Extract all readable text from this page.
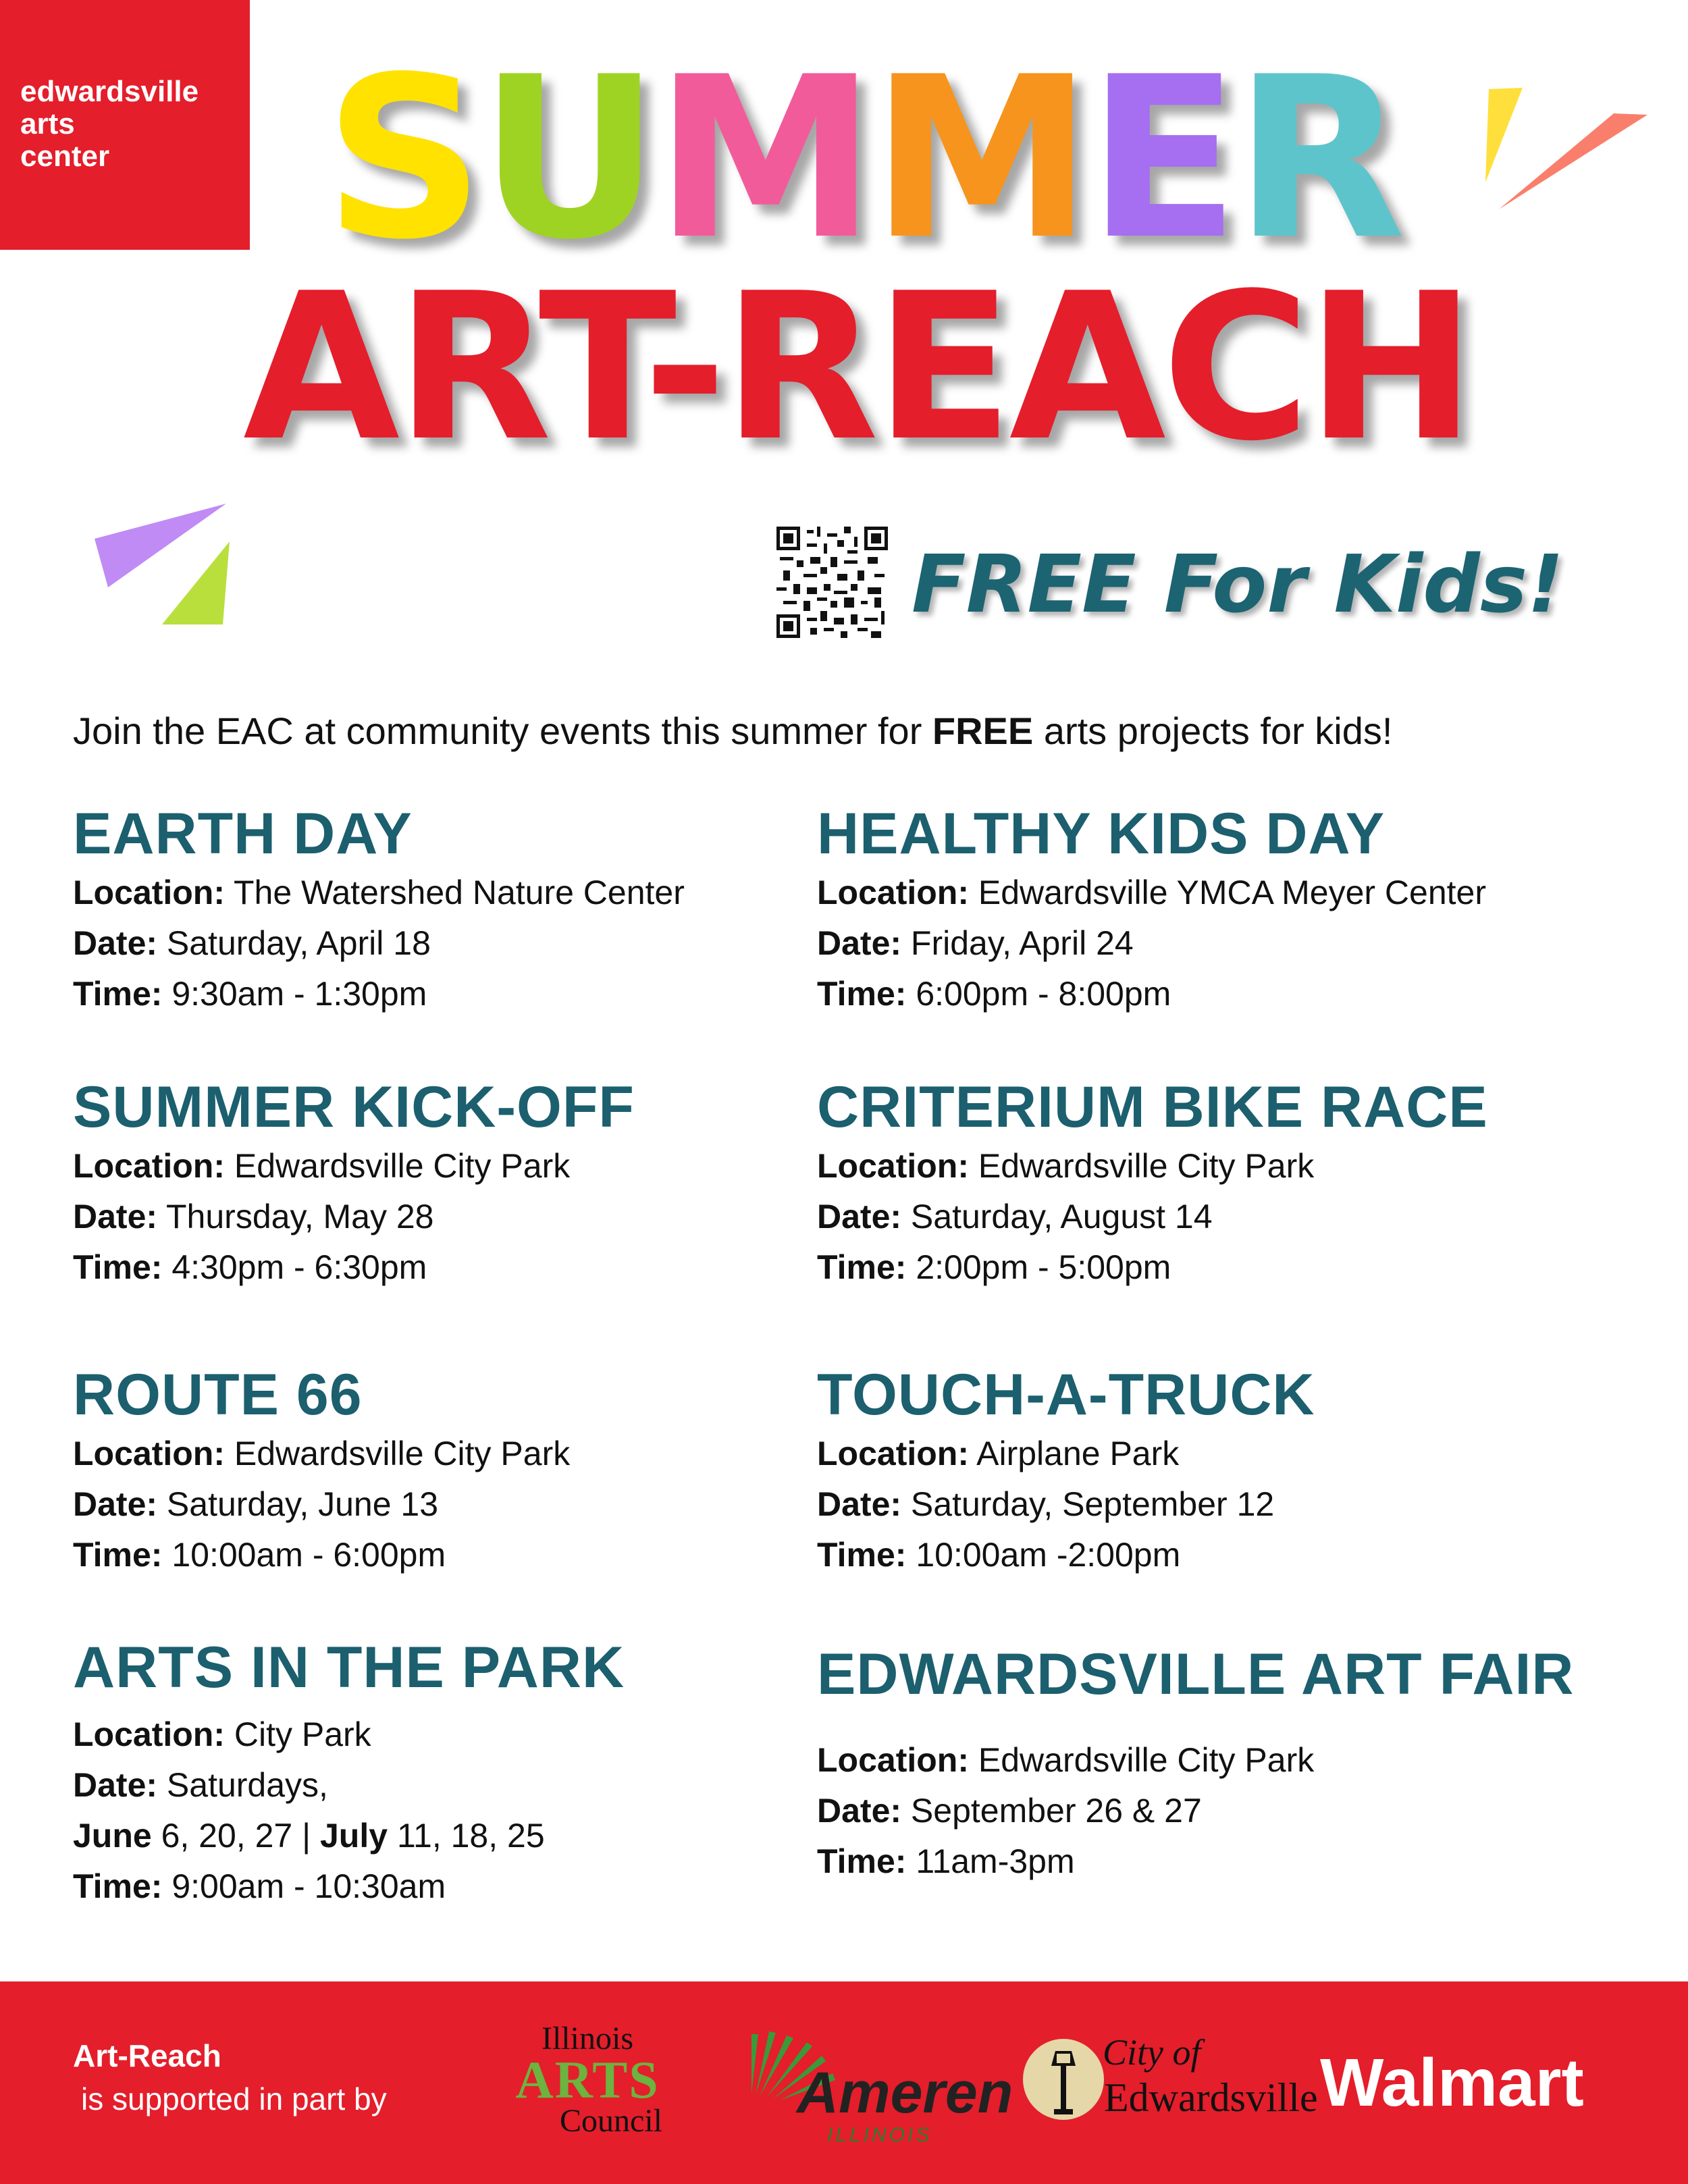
edwardsville
arts
center SUMMER
ART-REACH
FREE For Kids!
Join the EAC at community events this summer for FREE arts projects for kids!
EARTH DAY
Location: The Watershed Nature Center
Date: Saturday, April 18
Time: 9:30am - 1:30pm
HEALTHY KIDS DAY
Location: Edwardsville YMCA Meyer Center
Date: Friday, April 24
Time: 6:00pm - 8:00pm
SUMMER KICK-OFF
Location: Edwardsville City Park
Date: Thursday, May 28
Time: 4:30pm - 6:30pm
CRITERIUM BIKE RACE
Location: Edwardsville City Park
Date: Saturday, August 14
Time: 2:00pm - 5:00pm
ROUTE 66
Location: Edwardsville City Park
Date: Saturday, June 13
Time: 10:00am - 6:00pm
TOUCH-A-TRUCK
Location: Airplane Park
Date: Saturday, September 12
Time: 10:00am -2:00pm
ARTS IN THE PARK
Location: City Park
Date: Saturdays,
June 6, 20, 27 | July 11, 18, 25
Time: 9:00am - 10:30am
EDWARDSVILLE ART FAIR
Location: Edwardsville City Park
Date: September 26 & 27
Time: 11am-3pm
Art-Reach
is supported in part by
Illinois
ARTS
Council	Ameren
ILLINOIS
City of
Edwardsville Walmart
